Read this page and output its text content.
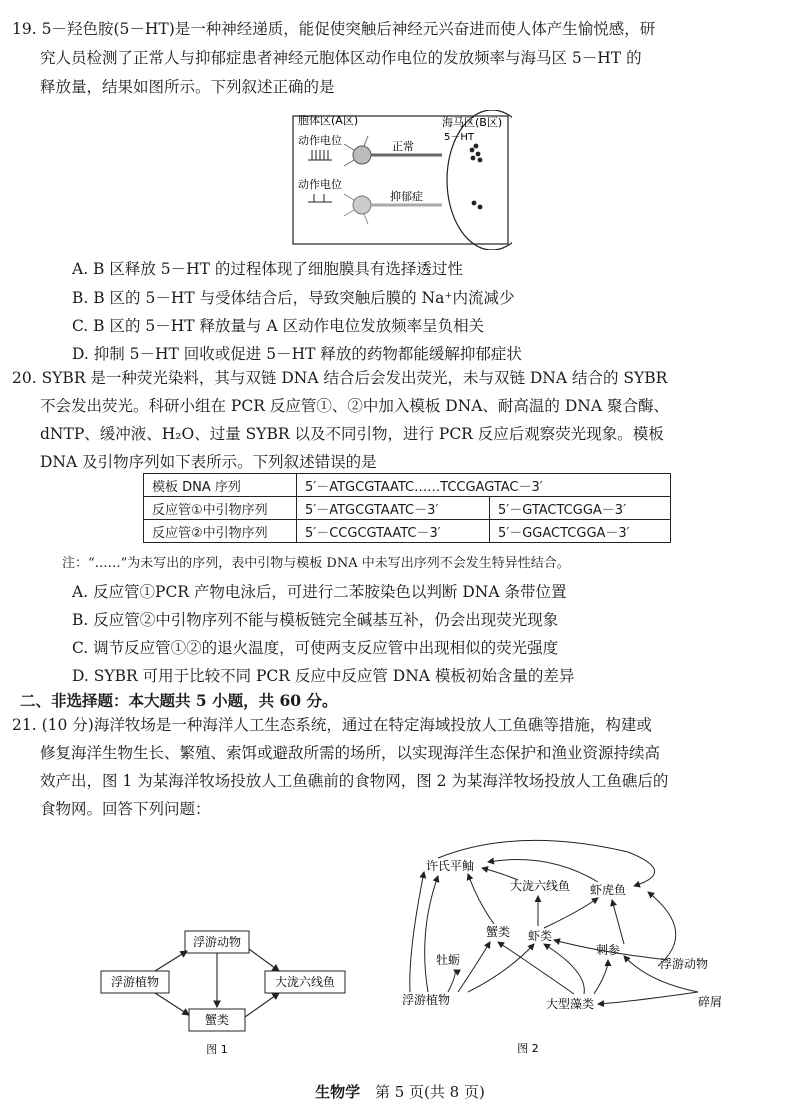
19. 5－羟色胺(5－HT)是一种神经递质，能促使突触后神经元兴奋进而使人体产生愉悦感，研
究人员检测了正常人与抑郁症患者神经元胞体区动作电位的发放频率与海马区 5－HT 的
释放量，结果如图所示。下列叙述正确的是
胞体区(A区)	海马区(B区)
动作电位
动作电位
5－HT
正常
抑郁症
A. B 区释放 5－HT 的过程体现了细胞膜具有选择透过性
B. B 区的 5－HT 与受体结合后，导致突触后膜的 Na⁺内流减少
C. B 区的 5－HT 释放量与 A 区动作电位发放频率呈负相关
D. 抑制 5－HT 回收或促进 5－HT 释放的药物都能缓解抑郁症状
20. SYBR 是一种荧光染料，其与双链 DNA 结合后会发出荧光，未与双链 DNA 结合的 SYBR
不会发出荧光。科研小组在 PCR 反应管①、②中加入模板 DNA、耐高温的 DNA 聚合酶、
dNTP、缓冲液、H₂O、过量 SYBR 以及不同引物，进行 PCR 反应后观察荧光现象。模板
DNA 及引物序列如下表所示。下列叙述错误的是
模板 DNA 序列	5′－ATGCGTAATC……TCCGAGTAC－3′	
反应管①中引物序列	5′－ATGCGTAATC－3′	5′－GTACTCGGA－3′
反应管②中引物序列	5′－CCGCGTAATC－3′	5′－GGACTCGGA－3′
注：“……”为未写出的序列，表中引物与模板 DNA 中未写出序列不会发生特异性结合。
A. 反应管①PCR 产物电泳后，可进行二苯胺染色以判断 DNA 条带位置
B. 反应管②中引物序列不能与模板链完全碱基互补，仍会出现荧光现象
C. 调节反应管①②的退火温度，可使两支反应管中出现相似的荧光强度
D. SYBR 可用于比较不同 PCR 反应中反应管 DNA 模板初始含量的差异
二、非选择题：本大题共 5 小题，共 60 分。
21. (10 分)海洋牧场是一种海洋人工生态系统，通过在特定海域投放人工鱼礁等措施，构建或
修复海洋生物生长、繁殖、索饵或避敌所需的场所，以实现海洋生态保护和渔业资源持续高
效产出，图 1 为某海洋牧场投放人工鱼礁前的食物网，图 2 为某海洋牧场投放人工鱼礁后的
食物网。回答下列问题：
浮游动物
浮游植物	大泷六线鱼
蟹类
图 1
许氏平鲉
大泷六线鱼 虾虎鱼
蟹类 虾类
刺参
牡蛎	浮游动物
浮游植物	大型藻类	碎屑
图 2
生物学 第 5 页(共 8 页)
